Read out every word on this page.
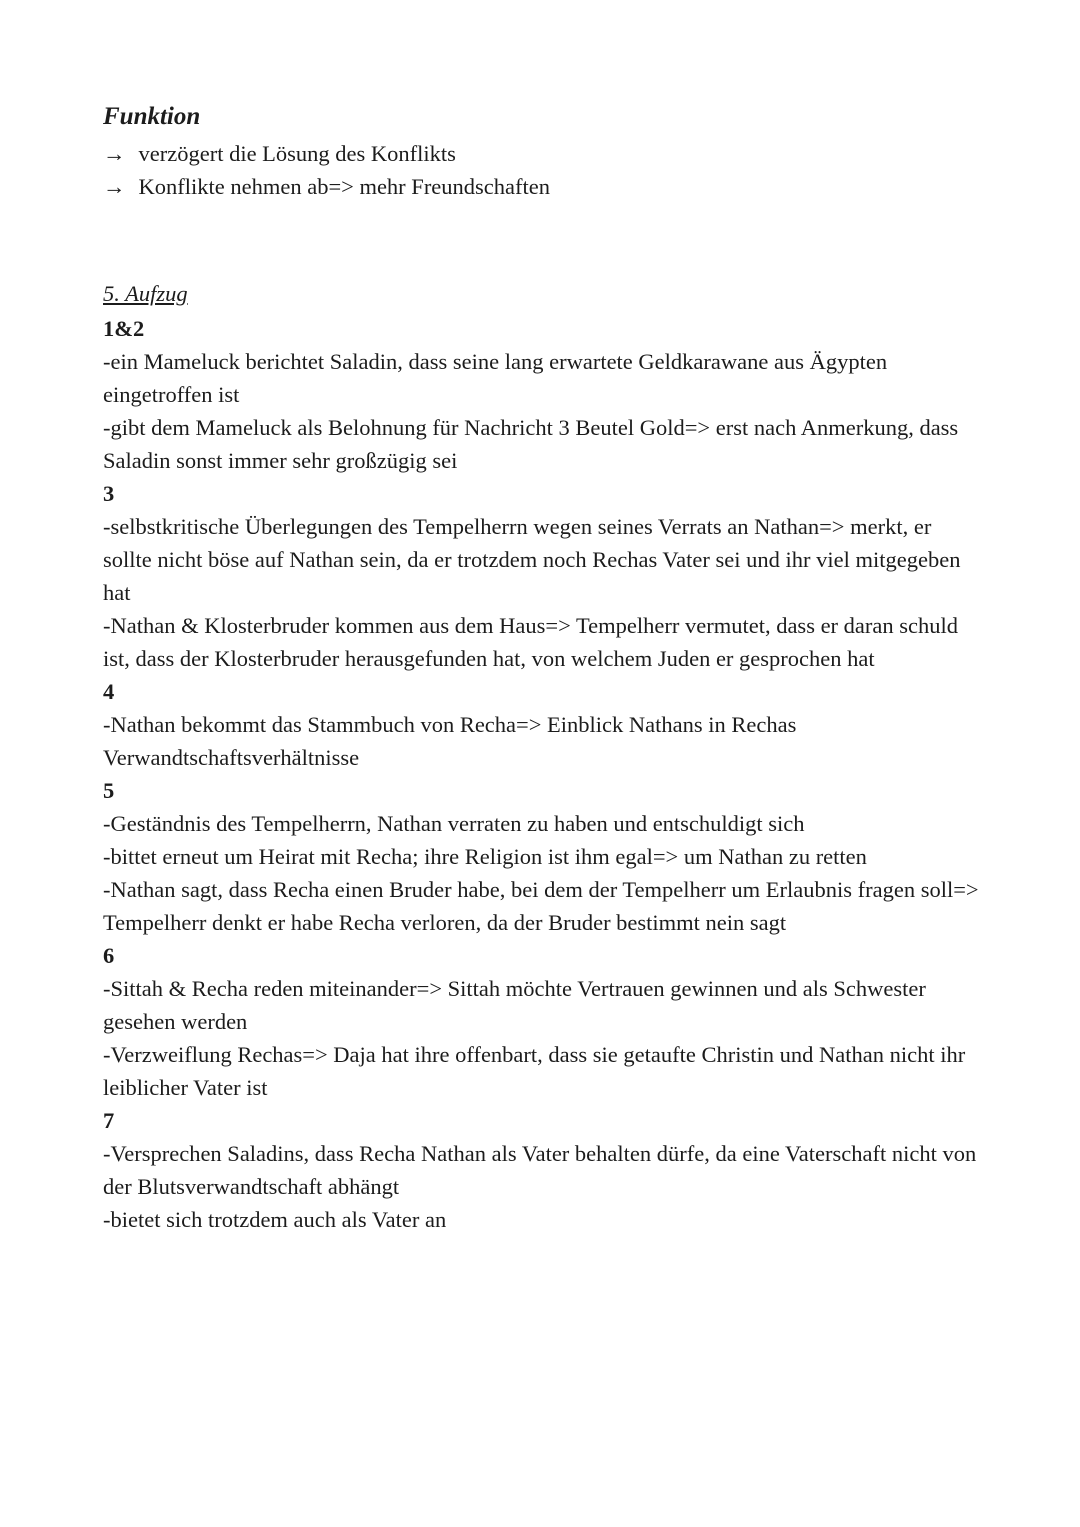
Funktion
→ verzögert die Lösung des Konflikts
→ Konflikte nehmen ab=> mehr Freundschaften
5. Aufzug
1&2

-ein Mameluck berichtet Saladin, dass seine lang erwartete Geldkarawane aus Ägypten eingetroffen ist

-gibt dem Mameluck als Belohnung für Nachricht 3 Beutel Gold=> erst nach Anmerkung, dass Saladin sonst immer sehr großzügig sei

3

-selbstkritische Überlegungen des Tempelherrn wegen seines Verrats an Nathan=> merkt, er sollte nicht böse auf Nathan sein, da er trotzdem noch Rechas Vater sei und ihr viel mitgegeben hat

-Nathan & Klosterbruder kommen aus dem Haus=> Tempelherr vermutet, dass er daran schuld ist, dass der Klosterbruder herausgefunden hat, von welchem Juden er gesprochen hat

4

-Nathan bekommt das Stammbuch von Recha=> Einblick Nathans in Rechas Verwandtschaftsverhältnisse

5

-Geständnis des Tempelherrn, Nathan verraten zu haben und entschuldigt sich

-bittet erneut um Heirat mit Recha; ihre Religion ist ihm egal=> um Nathan zu retten

-Nathan sagt, dass Recha einen Bruder habe, bei dem der Tempelherr um Erlaubnis fragen soll=> Tempelherr denkt er habe Recha verloren, da der Bruder bestimmt nein sagt

6

-Sittah & Recha reden miteinander=> Sittah möchte Vertrauen gewinnen und als Schwester gesehen werden

-Verzweiflung Rechas=> Daja hat ihre offenbart, dass sie getaufte Christin und Nathan nicht ihr leiblicher Vater ist

7

-Versprechen Saladins, dass Recha Nathan als Vater behalten dürfe, da eine Vaterschaft nicht von der Blutsverwandtschaft abhängt

-bietet sich trotzdem auch als Vater an
